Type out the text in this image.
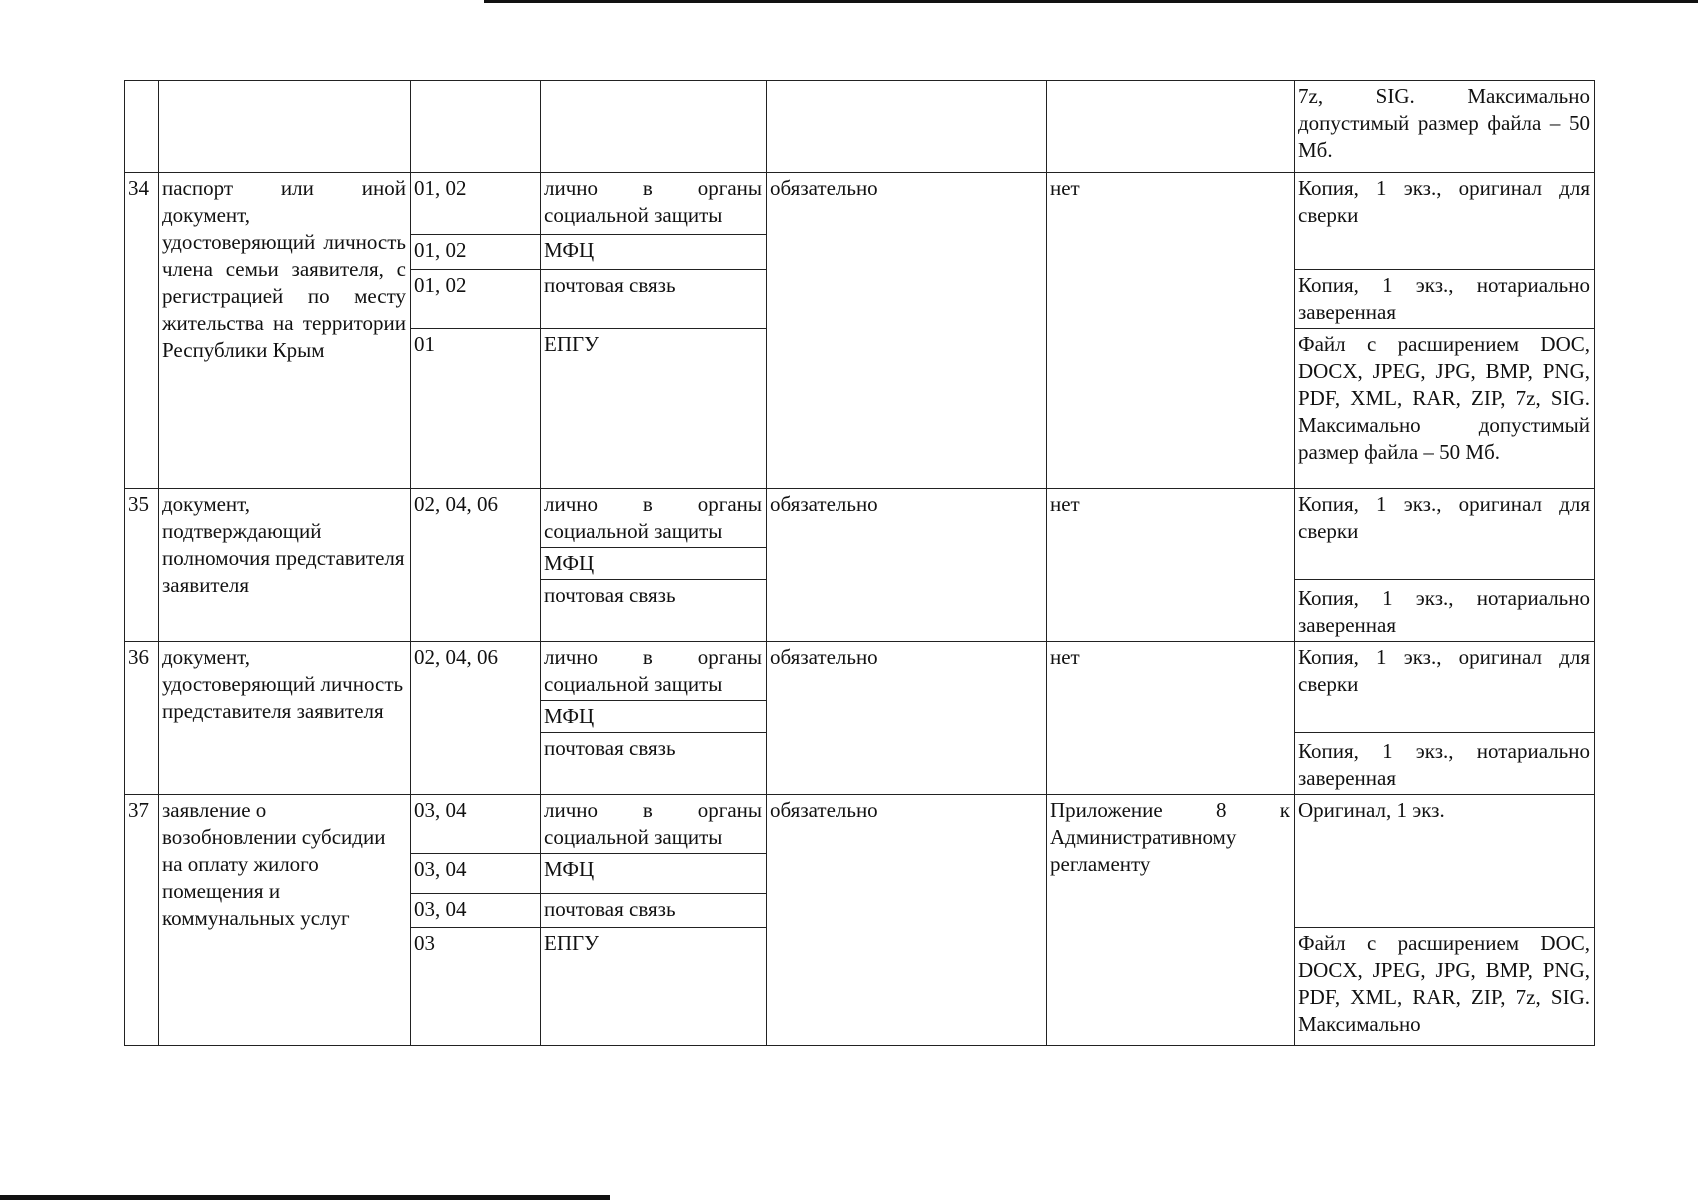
						7z, SIG. Максимально допустимый размер файла – 50 Мб.
34	паспорт или иной документ, удостоверяющий личность члена семьи заявителя, с регистрацией по месту жительства на территории Республики Крым	01, 02	лично в органы социальной защиты	обязательно	нет	Копия, 1 экз., оригинал для сверки
		01, 02	МФЦ			
		01, 02	почтовая связь			Копия, 1 экз., нотариально заверенная
		01	ЕПГУ			Файл с расширением DOC, DOCX, JPEG, JPG, BMP, PNG, PDF, XML, RAR, ZIP, 7z, SIG. Максимально допустимый размер файла – 50 Мб.
35	документ, подтверждающий полномочия представителя заявителя	02, 04, 06	лично в органы социальной защиты	обязательно	нет	Копия, 1 экз., оригинал для сверки
			МФЦ			
			почтовая связь			Копия, 1 экз., нотариально заверенная
36	документ, удостоверяющий личность представителя заявителя	02, 04, 06	лично в органы социальной защиты	обязательно	нет	Копия, 1 экз., оригинал для сверки
			МФЦ			
			почтовая связь			Копия, 1 экз., нотариально заверенная
37	заявление о возобновлении субсидии на оплату жилого помещения и коммунальных услуг	03, 04	лично в органы социальной защиты	обязательно	Приложение 8 к Административному регламенту	Оригинал, 1 экз.
		03, 04	МФЦ			
		03, 04	почтовая связь			
		03	ЕПГУ			Файл с расширением DOC, DOCX, JPEG, JPG, BMP, PNG, PDF, XML, RAR, ZIP, 7z, SIG. Максимально
